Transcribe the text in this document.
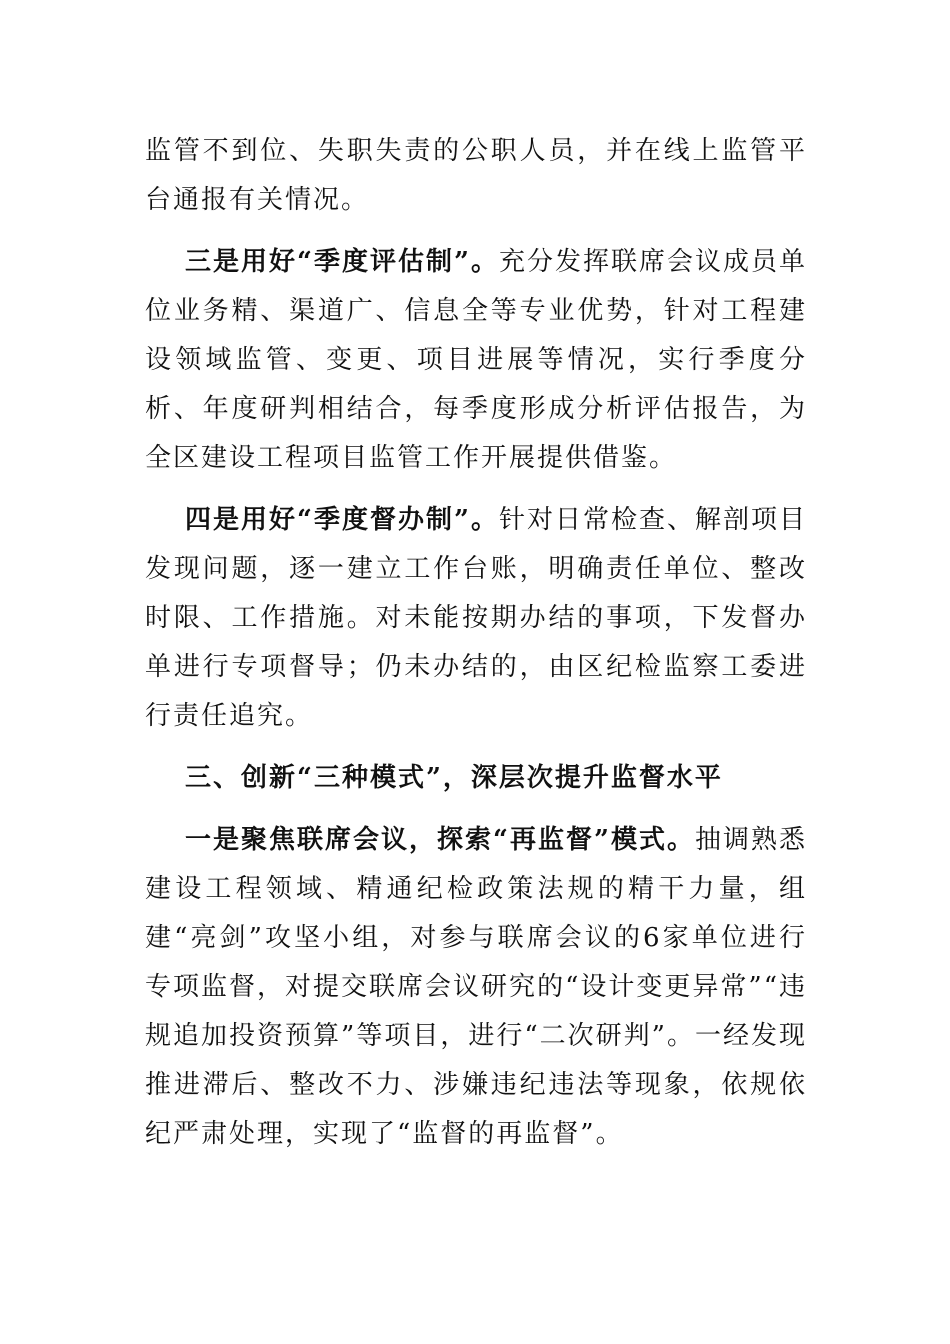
监管不到位、失职失责的公职人员，并在线上监管平台通报有关情况。

三是用好“季度评估制”。充分发挥联席会议成员单位业务精、渠道广、信息全等专业优势，针对工程建设领域监管、变更、项目进展等情况，实行季度分析、年度研判相结合，每季度形成分析评估报告，为全区建设工程项目监管工作开展提供借鉴。

四是用好“季度督办制”。针对日常检查、解剖项目发现问题，逐一建立工作台账，明确责任单位、整改时限、工作措施。对未能按期办结的事项，下发督办单进行专项督导；仍未办结的，由区纪检监察工委进行责任追究。

三、创新“三种模式”，深层次提升监督水平

一是聚焦联席会议，探索“再监督”模式。抽调熟悉建设工程领域、精通纪检政策法规的精干力量，组建“亮剑”攻坚小组，对参与联席会议的6家单位进行专项监督，对提交联席会议研究的“设计变更异常”“违规追加投资预算”等项目，进行“二次研判”。一经发现推进滞后、整改不力、涉嫌违纪违法等现象，依规依纪严肃处理，实现了“监督的再监督”。
